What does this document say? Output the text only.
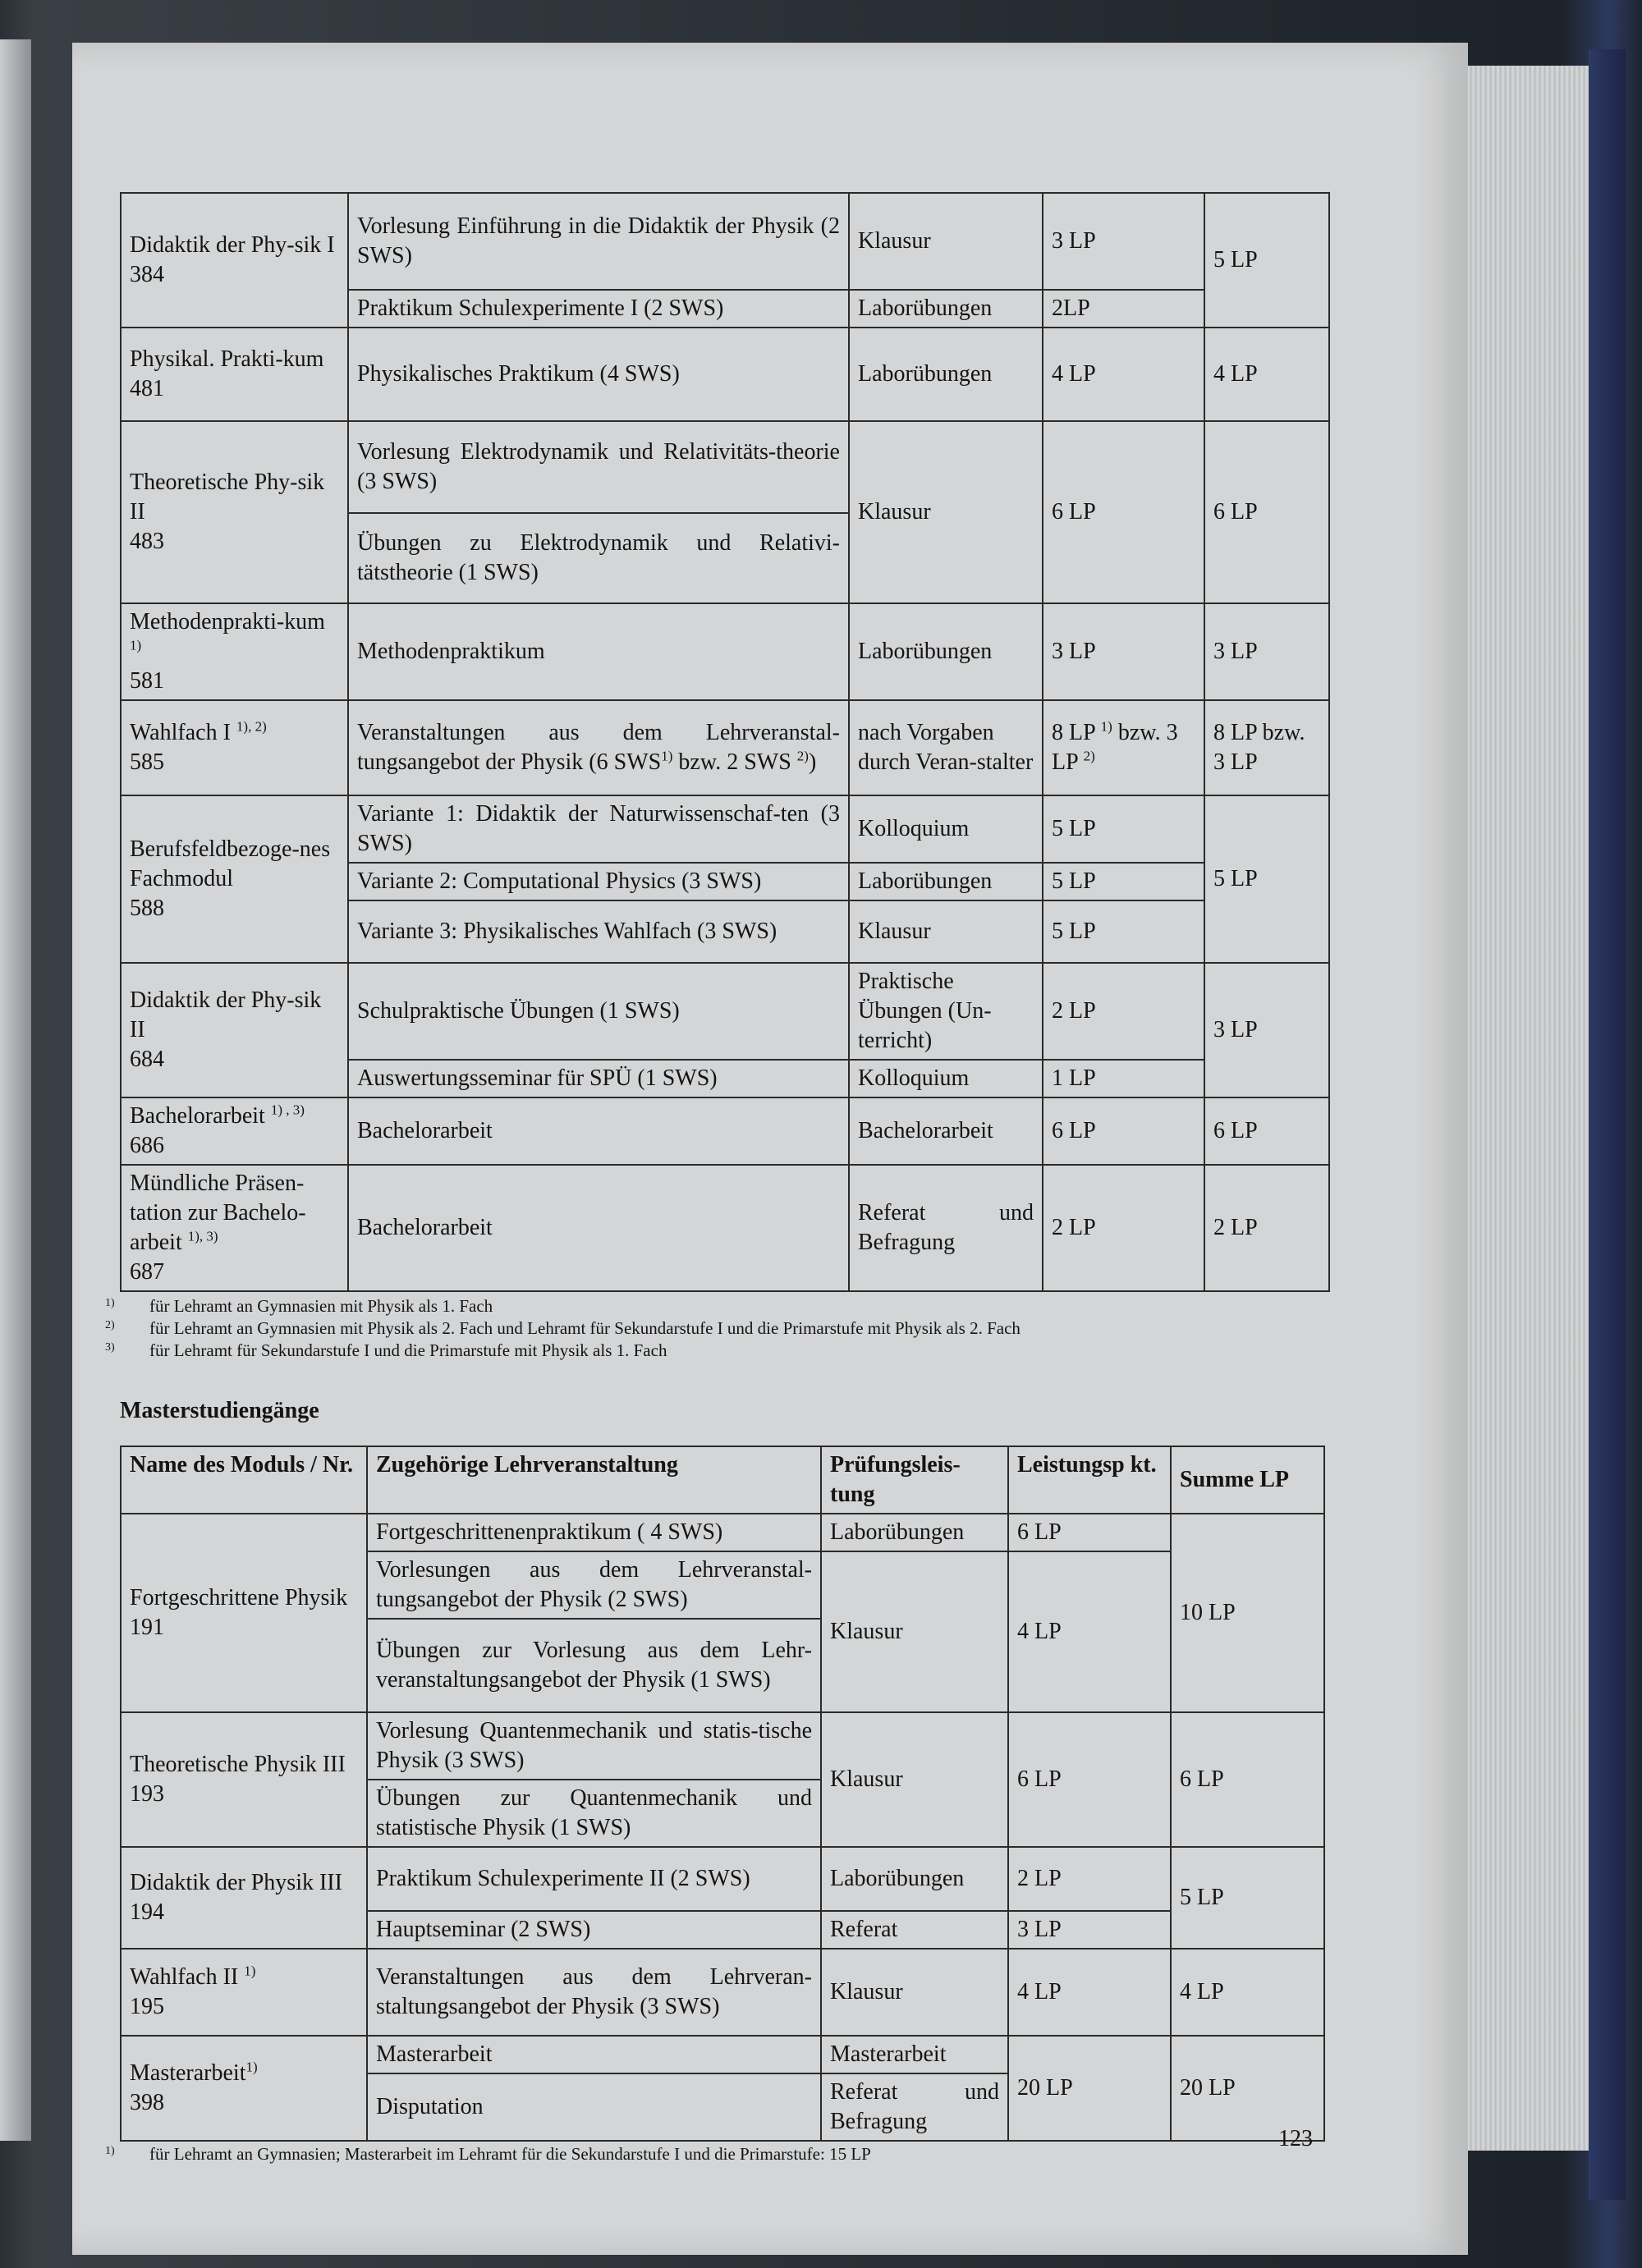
Didaktik der Phy-sik I
384	Vorlesung Einführung in die Didaktik der Physik (2 SWS)	Klausur	3 LP	5 LP
	Praktikum Schulexperimente I (2 SWS)	Laborübungen	2LP	
Physikal. Prakti-kum
481	Physikalisches Praktikum (4 SWS)	Laborübungen	4 LP	4 LP
Theoretische Phy-sik II
483	Vorlesung Elektrodynamik und Relativitäts-theorie (3 SWS)	Klausur	6 LP	6 LP
	Übungen zu Elektrodynamik und Relativi-tätstheorie (1 SWS)			
Methodenprakti-kum $^{1)}$
581	Methodenpraktikum	Laborübungen	3 LP	3 LP
Wahlfach I $^{1), 2)}$
585	Veranstaltungen aus dem Lehrveranstal-tungsangebot der Physik (6 SWS$^{1)}$ bzw. 2 SWS $^{2)}$)	nach Vorgaben durch Veran-stalter	8 LP $^{1)}$ bzw. 3 LP $^{2)}$	8 LP bzw. 3 LP
Berufsfeldbezoge-nes Fachmodul
588	Variante 1: Didaktik der Naturwissenschaf-ten (3 SWS)	Kolloquium	5 LP	5 LP
	Variante 2: Computational Physics (3 SWS)	Laborübungen	5 LP	
	Variante 3: Physikalisches Wahlfach (3 SWS)	Klausur	5 LP	
Didaktik der Phy-sik II
684	Schulpraktische Übungen (1 SWS)	Praktische Übungen (Un-terricht)	2 LP	3 LP
	Auswertungsseminar für SPÜ (1 SWS)	Kolloquium	1 LP	
Bachelorarbeit $^{1) , 3)}$
686	Bachelorarbeit	Bachelorarbeit	6 LP	6 LP
Mündliche Präsen-tation zur Bachelo-arbeit $^{1), 3)}$
687	Bachelorarbeit	Referat und Befragung	2 LP	2 LP

1) für Lehramt an Gymnasien mit Physik als 1. Fach

2) für Lehramt an Gymnasien mit Physik als 2. Fach und Lehramt für Sekundarstufe I und die Primarstufe mit Physik als 2. Fach

3) für Lehramt für Sekundarstufe I und die Primarstufe mit Physik als 1. Fach

Masterstudiengänge
Name des Moduls / Nr.	Zugehörige Lehrveranstaltung	Prüfungsleis-tung	Leistungsp kt.	Summe LP
Fortgeschrittene Physik
191	Fortgeschrittenenpraktikum ( 4 SWS)	Laborübungen	6 LP	10 LP
	Vorlesungen aus dem Lehrveranstal-tungsangebot der Physik (2 SWS)	Klausur	4 LP	
	Übungen zur Vorlesung aus dem Lehr-veranstaltungsangebot der Physik (1 SWS)			
Theoretische Physik III
193	Vorlesung Quantenmechanik und statis-tische Physik (3 SWS)	Klausur	6 LP	6 LP
	Übungen zur Quantenmechanik und statistische Physik (1 SWS)			
Didaktik der Physik III
194	Praktikum Schulexperimente II (2 SWS)	Laborübungen	2 LP	5 LP
	Hauptseminar (2 SWS)	Referat	3 LP	
Wahlfach II $^{1)}$
195	Veranstaltungen aus dem Lehrveran-staltungsangebot der Physik (3 SWS)	Klausur	4 LP	4 LP
Masterarbeit$^{1)}$
398	Masterarbeit	Masterarbeit	20 LP	20 LP
	Disputation	Referat und Befragung		

1) für Lehramt an Gymnasien; Masterarbeit im Lehramt für die Sekundarstufe I und die Primarstufe: 15 LP

123
